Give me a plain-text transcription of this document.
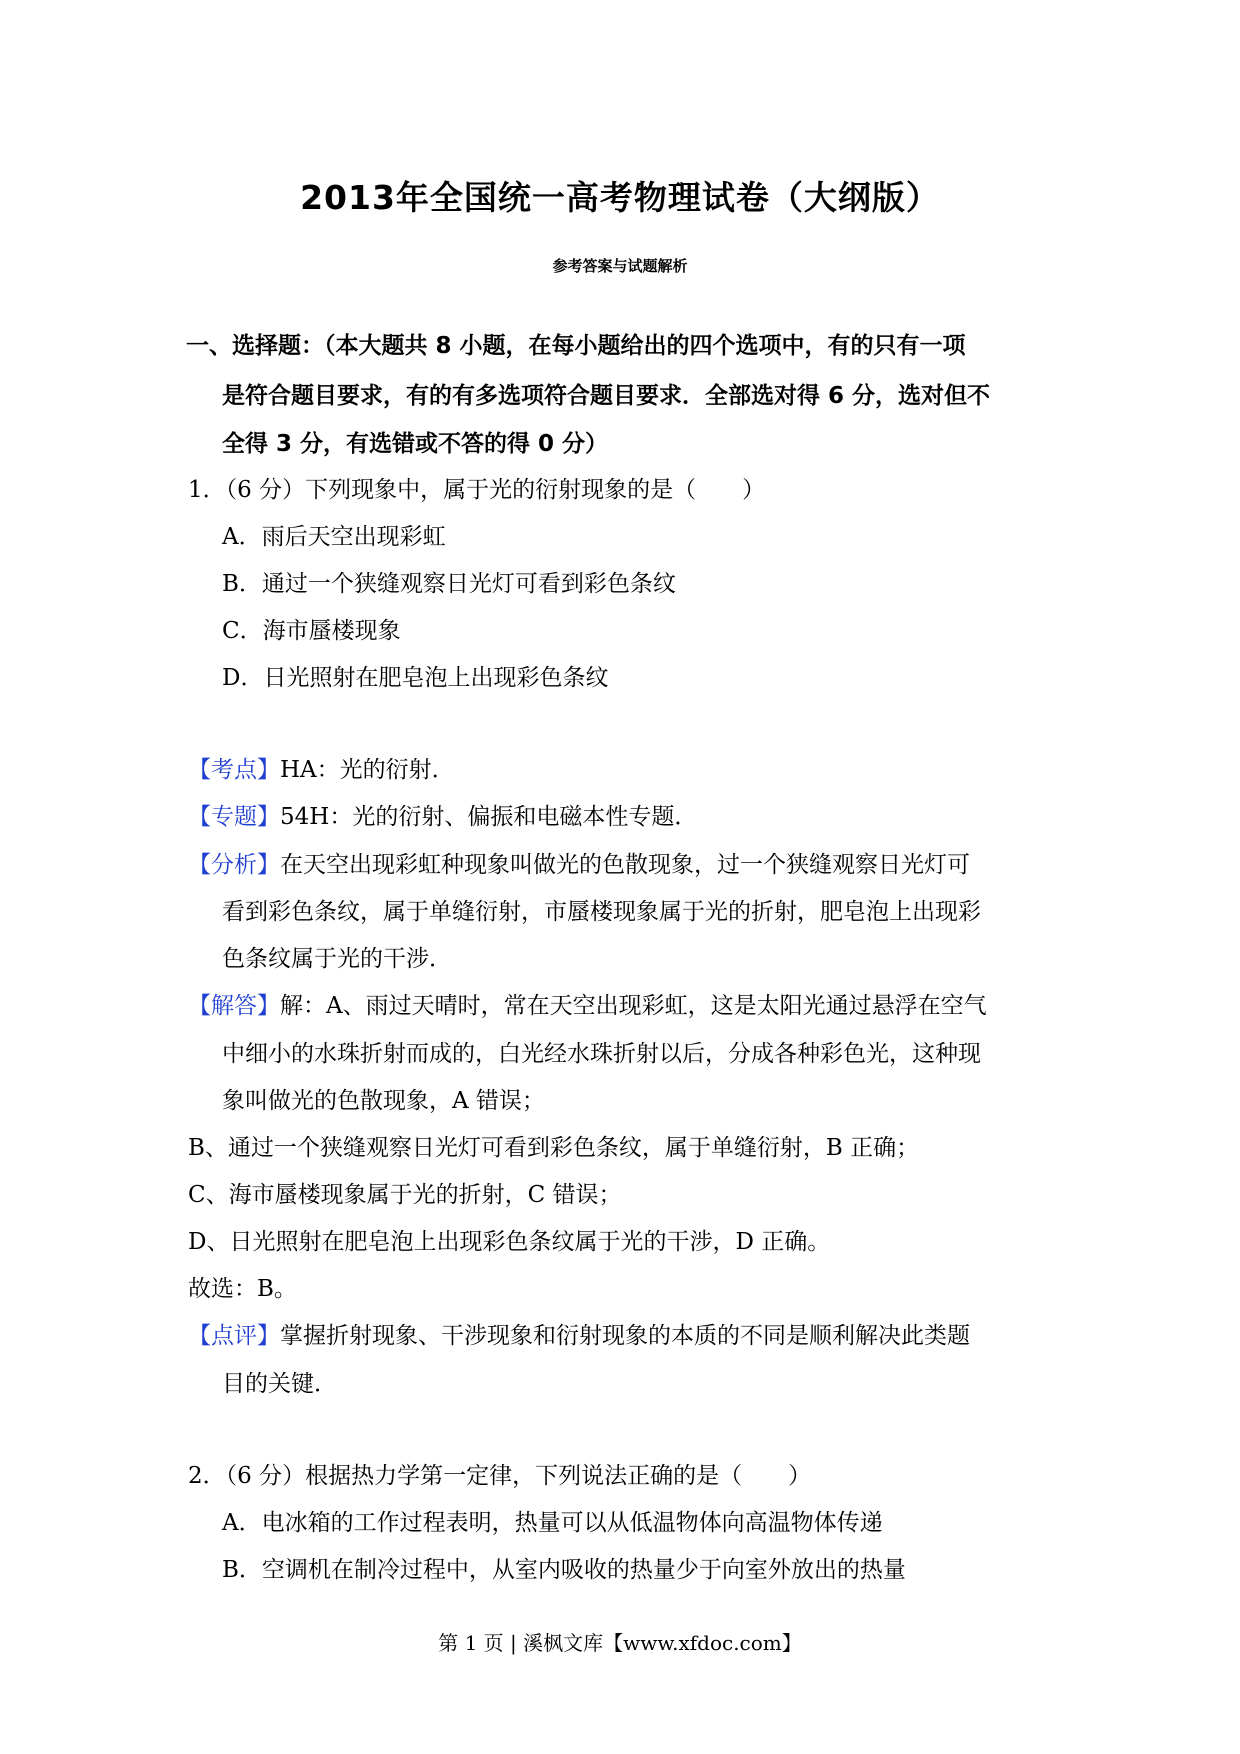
2013年全国统一高考物理试卷（大纲版）
参考答案与试题解析
一、选择题：（本大题共 8 小题，在每小题给出的四个选项中，有的只有一项
是符合题目要求，有的有多选项符合题目要求．全部选对得 6 分，选对但不
全得 3 分，有选错或不答的得 0 分）
1．（6 分）下列现象中，属于光的衍射现象的是（　　）
A．雨后天空出现彩虹
B．通过一个狭缝观察日光灯可看到彩色条纹
C．海市蜃楼现象
D．日光照射在肥皂泡上出现彩色条纹
【考点】HA：光的衍射．
【专题】54H：光的衍射、偏振和电磁本性专题．
【分析】在天空出现彩虹种现象叫做光的色散现象，过一个狭缝观察日光灯可
看到彩色条纹，属于单缝衍射，市蜃楼现象属于光的折射，肥皂泡上出现彩
色条纹属于光的干涉．
【解答】解：A、雨过天晴时，常在天空出现彩虹，这是太阳光通过悬浮在空气
中细小的水珠折射而成的，白光经水珠折射以后，分成各种彩色光，这种现
象叫做光的色散现象，A 错误；
B、通过一个狭缝观察日光灯可看到彩色条纹，属于单缝衍射，B 正确；
C、海市蜃楼现象属于光的折射，C 错误；
D、日光照射在肥皂泡上出现彩色条纹属于光的干涉，D 正确。
故选：B。
【点评】掌握折射现象、干涉现象和衍射现象的本质的不同是顺利解决此类题
目的关键．
2．（6 分）根据热力学第一定律，下列说法正确的是（　　）
A．电冰箱的工作过程表明，热量可以从低温物体向高温物体传递
B．空调机在制冷过程中，从室内吸收的热量少于向室外放出的热量
第 1 页 | 溪枫文库【www.xfdoc.com】
